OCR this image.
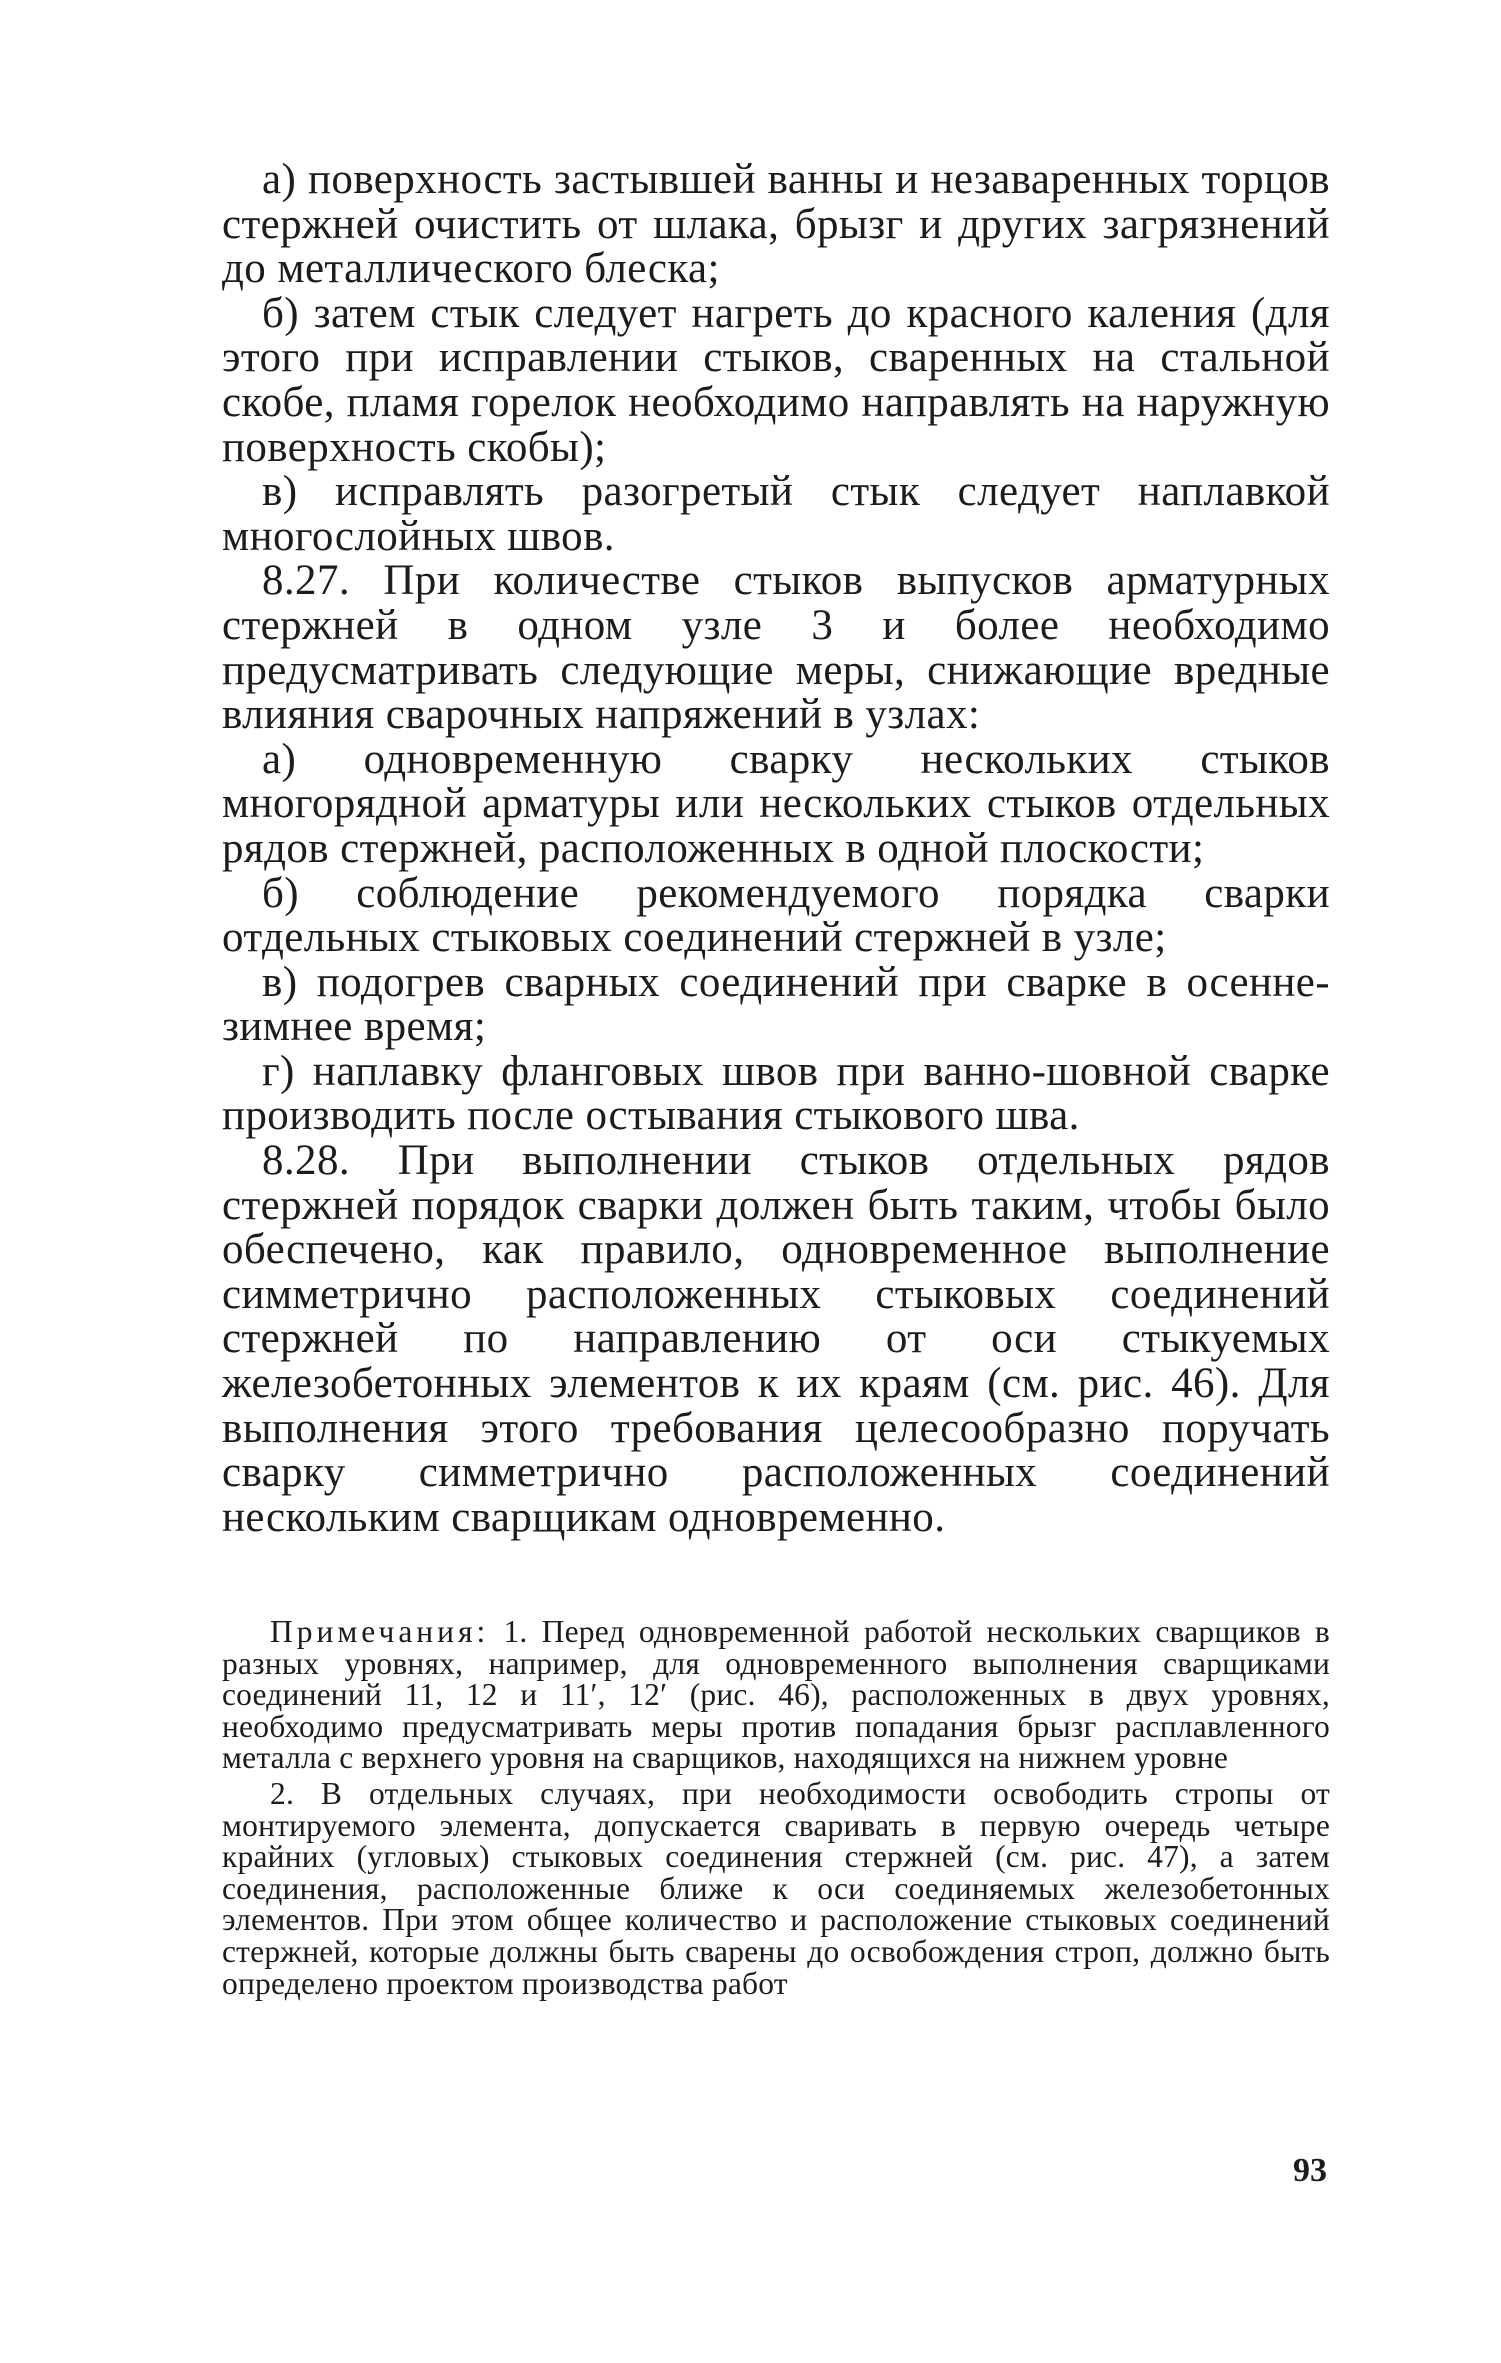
а) поверхность застывшей ванны и незаваренных торцов стержней очистить от шлака, брызг и других загрязнений до металлического блеска;

б) затем стык следует нагреть до красного каления (для этого при исправлении стыков, сваренных на стальной скобе, пламя горелок необходимо направлять на наружную поверхность скобы);

в) исправлять разогретый стык следует наплавкой многослойных швов.

8.27. При количестве стыков выпусков арматурных стержней в одном узле 3 и более необходимо предусматривать следующие меры, снижающие вредные влияния сварочных напряжений в узлах:

а) одновременную сварку нескольких стыков многорядной арматуры или нескольких стыков отдельных рядов стержней, расположенных в одной плоскости;

б) соблюдение рекомендуемого порядка сварки отдельных стыковых соединений стержней в узле;

в) подогрев сварных соединений при сварке в осенне-зимнее время;

г) наплавку фланговых швов при ванно-шовной сварке производить после остывания стыкового шва.

8.28. При выполнении стыков отдельных рядов стержней порядок сварки должен быть таким, чтобы было обеспечено, как правило, одновременное выполнение симметрично расположенных стыковых соединений стержней по направлению от оси стыкуемых железобетонных элементов к их краям (см. рис. 46). Для выполнения этого требования целесообразно поручать сварку симметрично расположенных соединений нескольким сварщикам одновременно.

Примечания: 1. Перед одновременной работой нескольких сварщиков в разных уровнях, например, для одновременного выполнения сварщиками соединений 11, 12 и 11′, 12′ (рис. 46), расположенных в двух уровнях, необходимо предусматривать меры против попадания брызг расплавленного металла с верхнего уровня на сварщиков, находящихся на нижнем уровне

2. В отдельных случаях, при необходимости освободить стропы от монтируемого элемента, допускается сваривать в первую очередь четыре крайних (угловых) стыковых соединения стержней (см. рис. 47), а затем соединения, расположенные ближе к оси соединяемых железобетонных элементов. При этом общее количество и расположение стыковых соединений стержней, которые должны быть сварены до освобождения строп, должно быть определено проектом производства работ

93
